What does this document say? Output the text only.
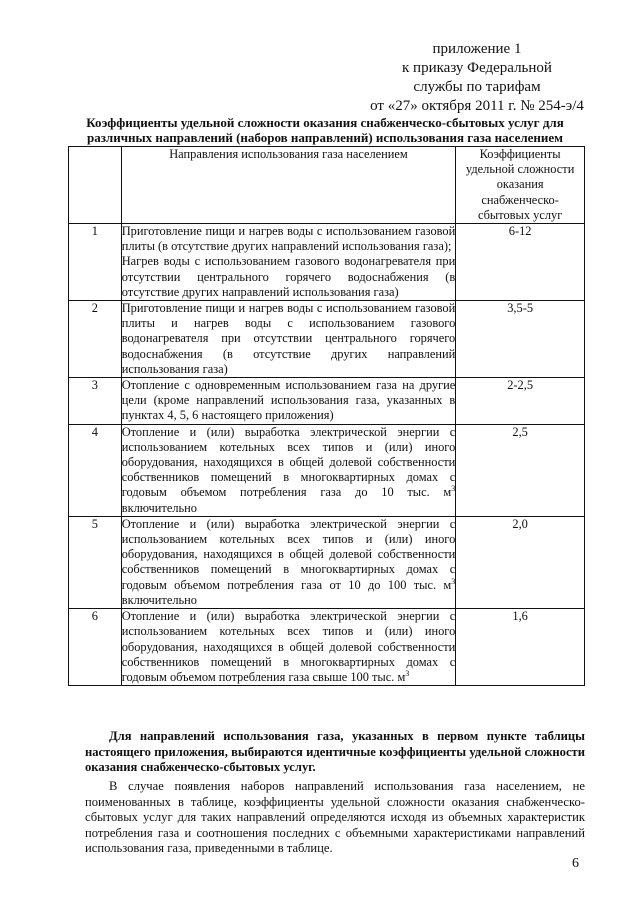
приложение 1
к приказу Федеральной
службы по тарифам
от «27» октября 2011 г. № 254-э/4
Коэффициенты удельной сложности оказания снабженческо-сбытовых услуг для
различных направлений (наборов направлений) использования газа населением
	Направления использования газа населением	Коэффициенты
удельной сложности
оказания
снабженческо-
сбытовых услуг

1	Приготовление пищи и нагрев воды с использованием газовой плиты (в отсутствие других направлений использования газа);
Нагрев воды с использованием газового водонагревателя при отсутствии центрального горячего водоснабжения (в отсутствие других направлений использования газа)	6-12
2	Приготовление пищи и нагрев воды с использованием газовой плиты и нагрев воды с использованием газового водонагревателя при отсутствии центрального горячего водоснабжения (в отсутствие других направлений использования газа)	3,5-5
3	Отопление с одновременным использованием газа на другие цели (кроме направлений использования газа, указанных в пунктах 4, 5, 6 настоящего приложения)	2-2,5
4	Отопление и (или) выработка электрической энергии с использованием котельных всех типов и (или) иного оборудования, находящихся в общей долевой собственности собственников помещений в многоквартирных домах с годовым объемом потребления газа до 10 тыс. $м^3$ включительно	2,5
5	Отопление и (или) выработка электрической энергии с использованием котельных всех типов и (или) иного оборудования, находящихся в общей долевой собственности собственников помещений в многоквартирных домах с годовым объемом потребления газа от 10 до 100 тыс. $м^3$ включительно	2,0
6	Отопление и (или) выработка электрической энергии с использованием котельных всех типов и (или) иного оборудования, находящихся в общей долевой собственности собственников помещений в многоквартирных домах с годовым объемом потребления газа свыше 100 тыс. $м^3$	1,6
Для направлений использования газа, указанных в первом пункте таблицы настоящего приложения, выбираются идентичные коэффициенты удельной сложности оказания снабженческо-сбытовых услуг.
В случае появления наборов направлений использования газа населением, не поименованных в таблице, коэффициенты удельной сложности оказания снабженческо-сбытовых услуг для таких направлений определяются исходя из объемных характеристик потребления газа и соотношения последних с объемными характеристиками направлений использования газа, приведенными в таблице.
6
